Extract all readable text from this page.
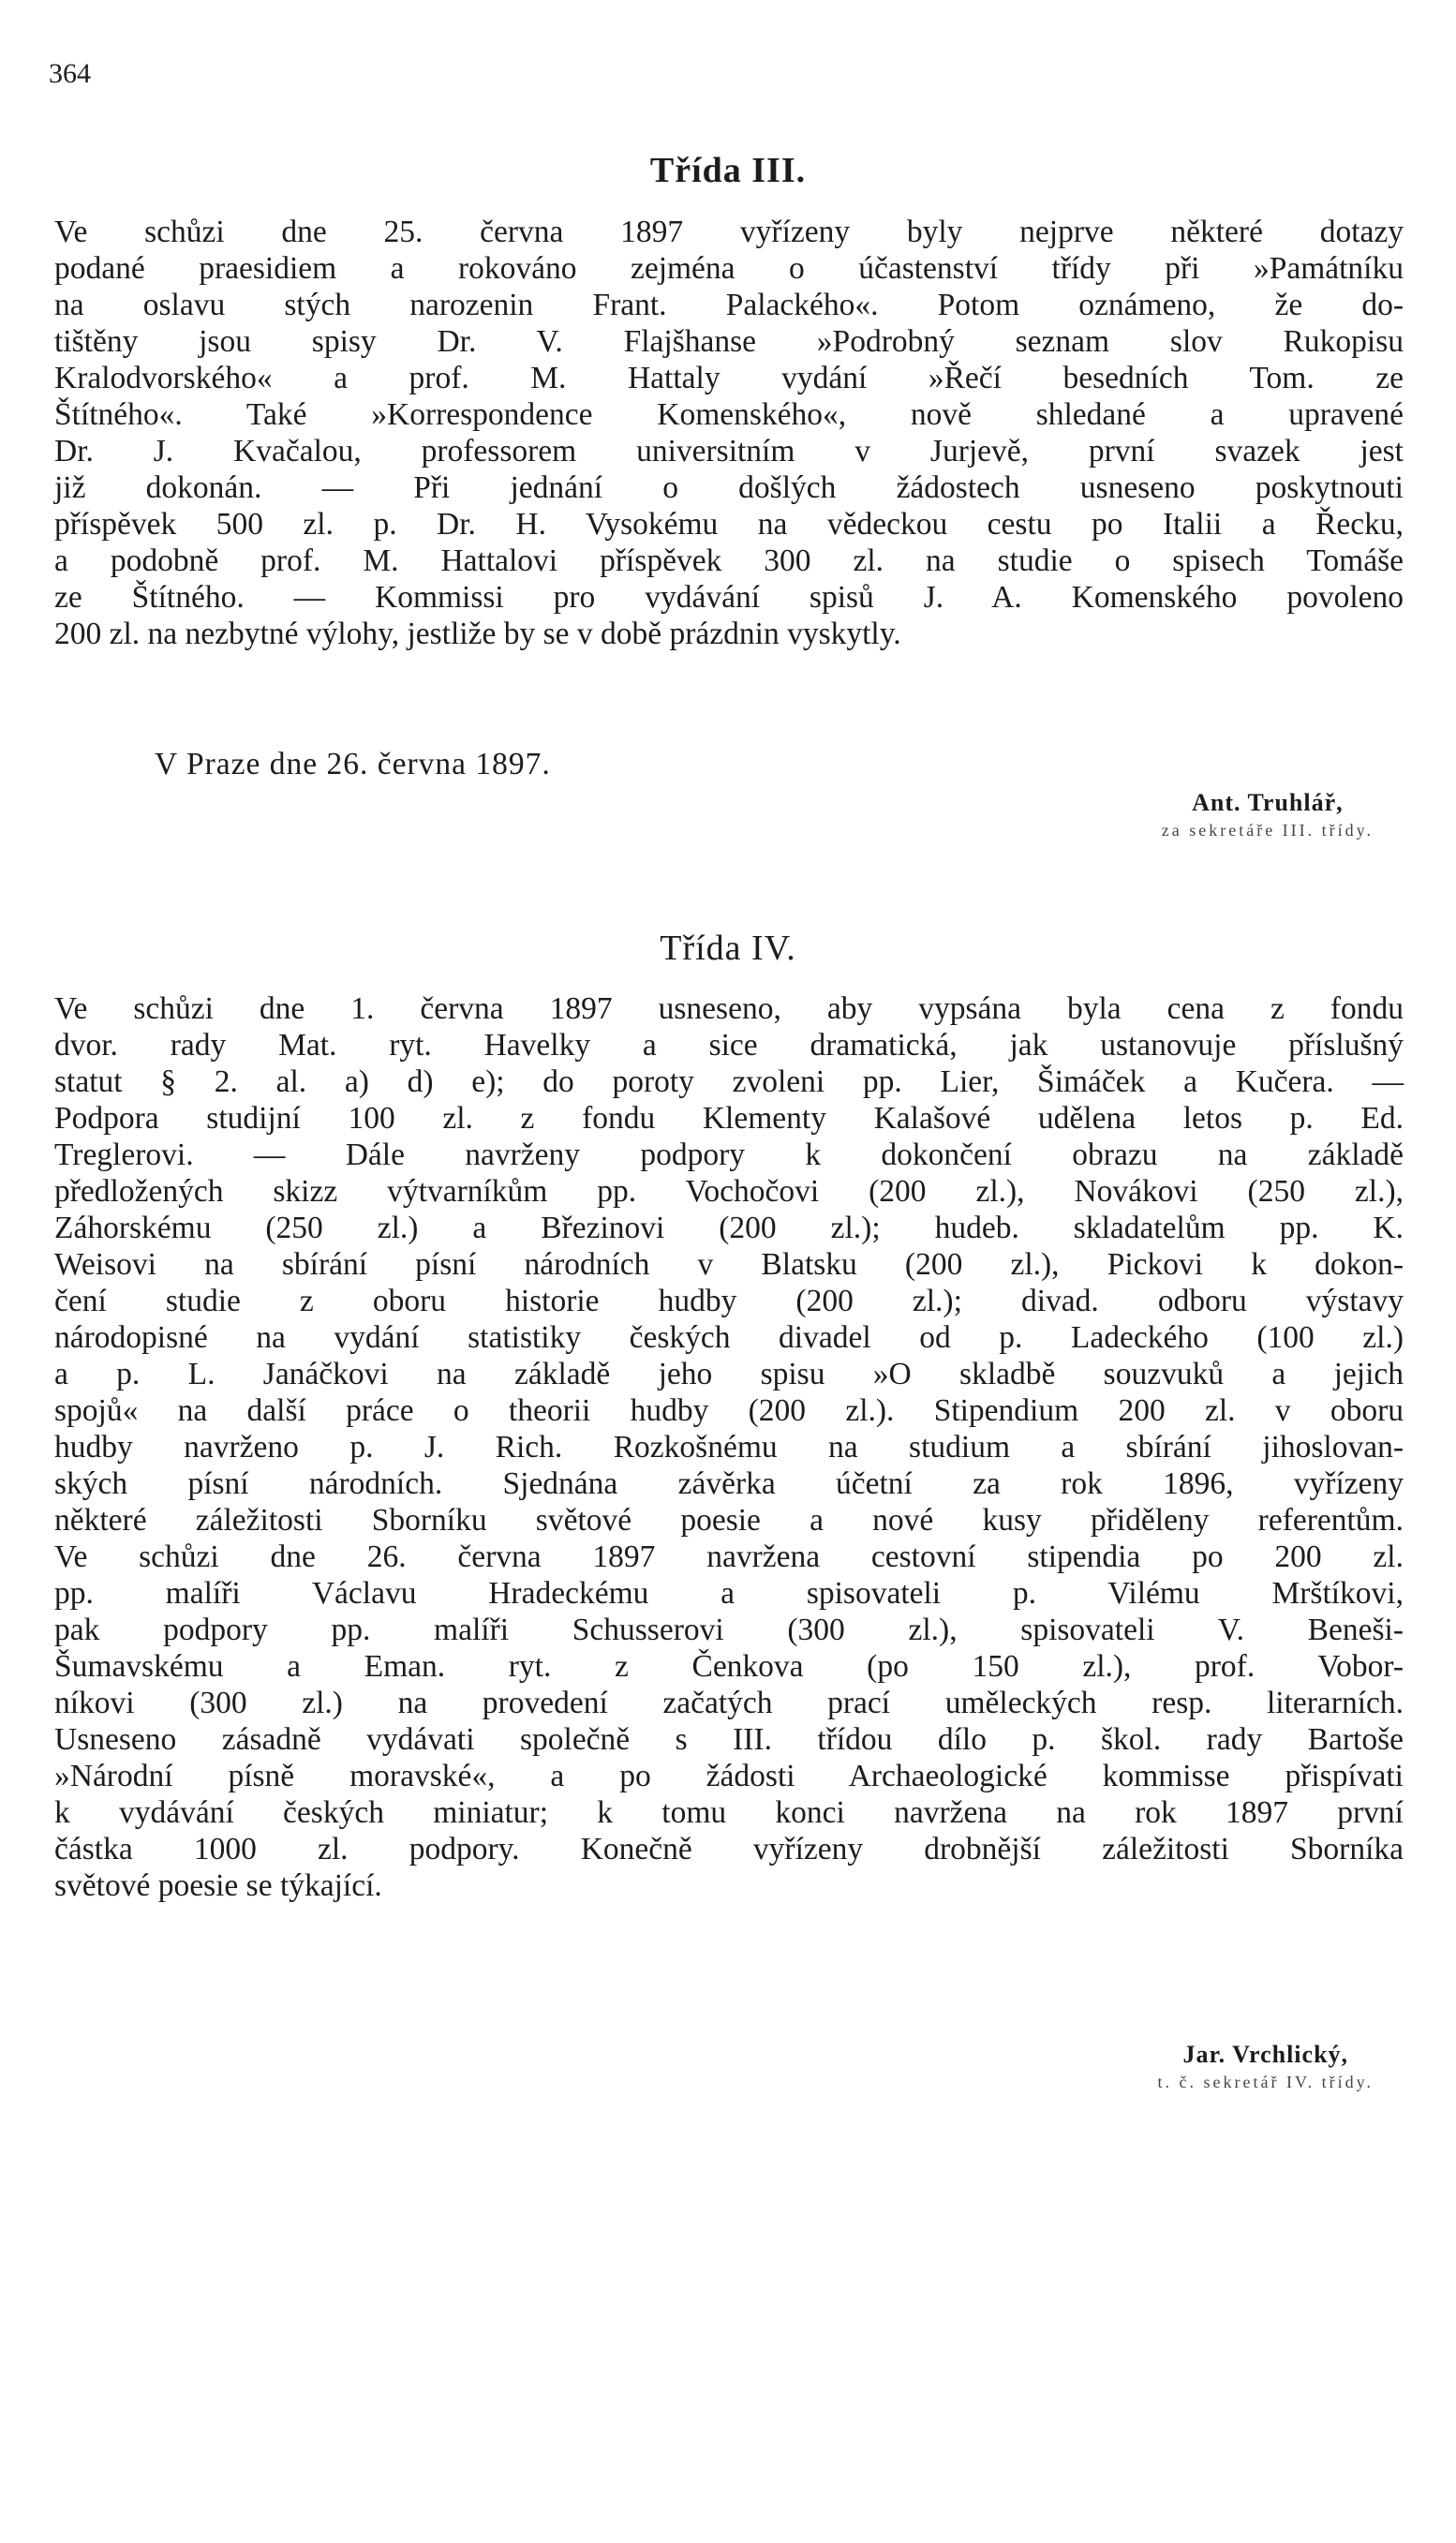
364
Třída III.
Ve schůzi dne 25. června 1897 vyřízeny byly nejprve některé dotazy
podané praesidiem a rokováno zejména o účastenství třídy při »Památníku
na oslavu stých narozenin Frant. Palackého«. Potom oznámeno, že do-
tištěny jsou spisy Dr. V. Flajšhanse »Podrobný seznam slov Rukopisu
Kralodvorského« a prof. M. Hattaly vydání »Řečí besedních Tom. ze
Štítného«. Také »Korrespondence Komenského«, nově shledané a upravené
Dr. J. Kvačalou, professorem universitním v Jurjevě, první svazek jest
již dokonán. — Při jednání o došlých žádostech usneseno poskytnouti
příspěvek 500 zl. p. Dr. H. Vysokému na vědeckou cestu po Italii a Řecku,
a podobně prof. M. Hattalovi příspěvek 300 zl. na studie o spisech Tomáše
ze Štítného. — Kommissi pro vydávání spisů J. A. Komenského povoleno
200 zl. na nezbytné výlohy, jestliže by se v době prázdnin vyskytly.
V Praze dne 26. června 1897.
Ant. Truhlář,
za sekretáře III. třídy.
Třída IV.
Ve schůzi dne 1. června 1897 usneseno, aby vypsána byla cena z fondu
dvor. rady Mat. ryt. Havelky a sice dramatická, jak ustanovuje příslušný
statut § 2. al. a) d) e); do poroty zvoleni pp. Lier, Šimáček a Kučera. —
Podpora studijní 100 zl. z fondu Klementy Kalašové udělena letos p. Ed.
Treglerovi. — Dále navrženy podpory k dokončení obrazu na základě
předložených skizz výtvarníkům pp. Vochočovi (200 zl.), Novákovi (250 zl.),
Záhorskému (250 zl.) a Březinovi (200 zl.); hudeb. skladatelům pp. K.
Weisovi na sbírání písní národních v Blatsku (200 zl.), Pickovi k dokon-
čení studie z oboru historie hudby (200 zl.); divad. odboru výstavy
národopisné na vydání statistiky českých divadel od p. Ladeckého (100 zl.)
a p. L. Janáčkovi na základě jeho spisu »O skladbě souzvuků a jejich
spojů« na další práce o theorii hudby (200 zl.). Stipendium 200 zl. v oboru
hudby navrženo p. J. Rich. Rozkošnému na studium a sbírání jihoslovan-
ských písní národních. Sjednána závěrka účetní za rok 1896, vyřízeny
některé záležitosti Sborníku světové poesie a nové kusy přiděleny referentům.
Ve schůzi dne 26. června 1897 navržena cestovní stipendia po 200 zl.
pp. malíři Václavu Hradeckému a spisovateli p. Vilému Mrštíkovi,
pak podpory pp. malíři Schusserovi (300 zl.), spisovateli V. Beneši-
Šumavskému a Eman. ryt. z Čenkova (po 150 zl.), prof. Vobor-
níkovi (300 zl.) na provedení začatých prací uměleckých resp. literarních.
Usneseno zásadně vydávati společně s III. třídou dílo p. škol. rady Bartoše
»Národní písně moravské«, a po žádosti Archaeologické kommisse přispívati
k vydávání českých miniatur; k tomu konci navržena na rok 1897 první
částka 1000 zl. podpory. Konečně vyřízeny drobnější záležitosti Sborníka
světové poesie se týkající.
Jar. Vrchlický,
t. č. sekretář IV. třídy.
